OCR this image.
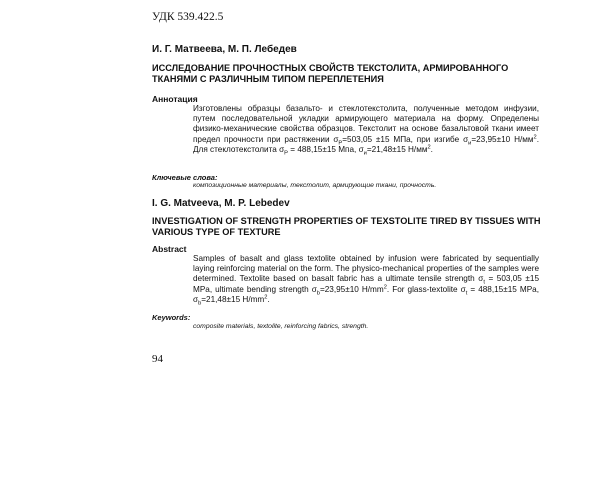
УДК 539.422.5
И. Г. Матвеева, М. П. Лебедев
ИССЛЕДОВАНИЕ ПРОЧНОСТНЫХ СВОЙСТВ ТЕКСТОЛИТА, АРМИРОВАННОГО ТКАНЯМИ С РАЗЛИЧНЫМ ТИПОМ ПЕРЕПЛЕТЕНИЯ
Аннотация
Изготовлены образцы базальто- и стеклотекстолита, полученные методом инфузии, путем последовательной укладки армирующего материала на форму. Определены физико-механические свойства образцов. Текстолит на основе базальтовой ткани имеет предел прочности при растяжении $\sigma_Р=503,05 \pm 15$ МПа, при изгибе $\sigma_и=23,95\pm 10$ $Н/мм^2$. Для стеклотекстолита $\sigma_Р = 488,15\pm 15$ Мпа, $\sigma_и=21,48\pm 15$ $Н/мм^2$.
Ключевые слова:
композиционные материалы, текстолит, армирующие ткани, прочность.
I. G. Matveeva, M. P. Lebedev
INVESTIGATION OF STRENGTH PROPERTIES OF TEXSTOLITE TIRED BY TISSUES WITH VARIOUS TYPE OF TEXTURE
Abstract
Samples of basalt and glass textolite obtained by infusion were fabricated by sequentially laying reinforcing material on the form. The physico-mechanical properties of the samples were determined. Textolite based on basalt fabric has a ultimate tensile strength $\sigma_t = 503,05 \pm 15$ MPa, ultimate bending strength $\sigma_b=23,95\pm 10$ $H/mm^2$. For glass-textolite $\sigma_t = 488,15\pm 15$ MPa, $\sigma_b=21,48\pm 15$ $H/mm^2$.
Keywords:
composite materials, textolite, reinforcing fabrics, strength.
94
